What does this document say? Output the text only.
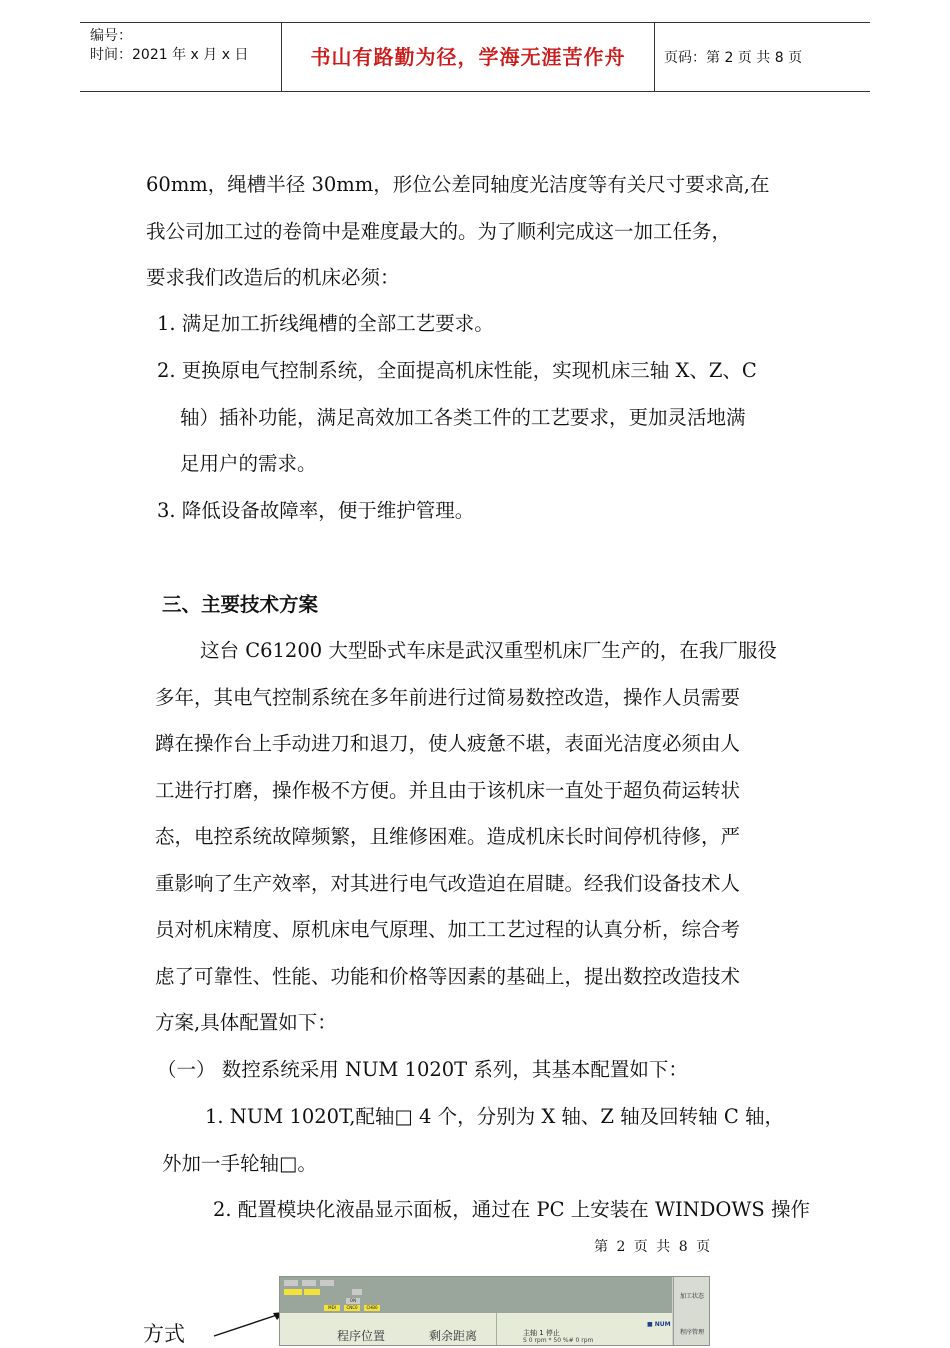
编号：
时间：2021 年 x 月 x 日	书山有路勤为径，学海无涯苦作舟	页码：第 2 页 共 8 页
60mm，绳槽半径 30mm，形位公差同轴度光洁度等有关尺寸要求高,在
我公司加工过的卷筒中是难度最大的。为了顺利完成这一加工任务，
要求我们改造后的机床必须：
1. 满足加工折线绳槽的全部工艺要求。
2. 更换原电气控制系统，全面提高机床性能，实现机床三轴 X、Z、C
轴）插补功能，满足高效加工各类工件的工艺要求，更加灵活地满
足用户的需求。
3. 降低设备故障率，便于维护管理。
三、主要技术方案
这台 C61200 大型卧式车床是武汉重型机床厂生产的，在我厂服役
多年，其电气控制系统在多年前进行过简易数控改造，操作人员需要
蹲在操作台上手动进刀和退刀，使人疲惫不堪，表面光洁度必须由人
工进行打磨，操作极不方便。并且由于该机床一直处于超负荷运转状
态，电控系统故障频繁，且维修困难。造成机床长时间停机待修，严
重影响了生产效率，对其进行电气改造迫在眉睫。经我们设备技术人
员对机床精度、原机床电气原理、加工工艺过程的认真分析，综合考
虑了可靠性、性能、功能和价格等因素的基础上，提出数控改造技术
方案,具体配置如下：
（一） 数控系统采用 NUM 1020T 系列，其基本配置如下：
1. NUM 1020T,配轴□ 4 个，分别为 X 轴、Z 轴及回转轴 C 轴，
外加一手轮轴□。
2. 配置模块化液晶显示面板，通过在 PC 上安装在 WINDOWS 操作
第 2 页 共 8 页
方式
ON
MDI	CNC0	CHB0
程序位置	剩余距离	主轴 1 停止
S 0 rpm * 50 %# 0 rpm
■ NUM
加工状态
程序管理
